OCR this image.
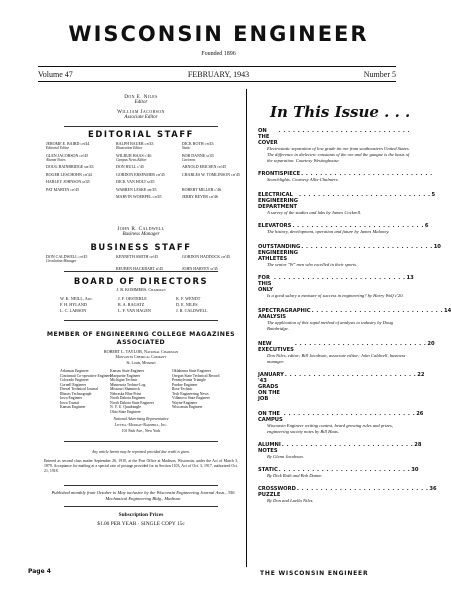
WISCONSIN ENGINEER
Founded 1896
Volume 47	FEBRUARY, 1943	Number 5
Don E. Niles
Editor
William Jacobson
Associate Editor
EDITORIAL STAFF
JEROME E. BAIRD ch'44
Editorial Editor
RALPH BAUER ch'43
Illustration Editor
DICK ROTH ch'43
Static
GLEN JACOBSON ch'45
Alumni Notes
WILBUR HAAS c'46
Campus News Editor
BOB DANNE m'43
Cartoons
DOUG BAINBRIDGE me'43	DON HULL c'45	ARNOLD ERICSEN ch'45
ROGER LESCHOHN ch'44	GORDON ERSPAMER ch'45	CHARLES W. TOMLINSON ch'45
HARLEY JOHNSON m'45	DICK VAN HOLT m'45
PAT MARTIN ch'45	WARREN LESKE me'45	ROBERT MILLER c'46
MARVIN WOERPEL ch'45	JERRY BEYER ch'46
John R. Caldwell
Business Manager
BUSINESS STAFF
DON CALDWELL ch'45
Circulation Manager
KENNETH SMITH ch'45	GORDON HADDOCK ch'45
REUBEN HACKBART m'45	JOHN HARVEY m'45
BOARD OF DIRECTORS
J. B. KOMMERS, Chairman
W. K. NEILL, Adv.	J. F. OESTERLE	K. F. WENDT
F. H. HYLAND	R. A. RAGATZ	D. E. NILES
L. C. LARSON	L. F. VAN HAGEN	J. R. CALDWELL
MEMBER OF ENGINEERING COLLEGE MAGAZINES
ASSOCIATED
ROBERT L. TAYLOR, National Chairman
Monsanto Chemical Company
St. Louis, Missouri
Arkansas Engineer	Kansas State Engineer	Oklahoma State Engineer
Cincinnati Co-operative Engineer
Marquette Engineer	Oregon State Technical Record
Colorado Engineer	Michigan Technic	Pennsylvania Triangle
Cornell Engineer	Minnesota Techno-Log	Purdue Engineer
Drexel Technical Journal	Missouri Shamrock	Rose Technic
Illinois Technograph	Nebraska Blue Print	Tech Engineering News
Iowa Engineer	North Dakota Engineer	Villanova State Engineer
Iowa Transit	North Dakota State Engineer	Wayne Engineer
Kansas Engineer	N. Y. U. Quadrangle	Wisconsin Engineer
Ohio State Engineer
National Advertising Representative
Littell-Murray-Barnhill, Inc.
101 Park Ave., New York
Any article herein may be reprinted provided due credit is given.
Entered as second class matter September 26, 1910, at the Post Office at Madison, Wisconsin, under the Act of March 3, 1879. Acceptance for mailing at a special rate of postage provided for in Section 1103, Act of Oct. 3, 1917, authorized Oct. 21, 1918.
Published monthly from October to May inclusive by the Wisconsin Engineering Journal Assn., 356 Mechanical Engineering Bldg., Madison
Subscription Prices
$1.00 PER YEAR · SINGLE COPY 15c
In This Issue . . .
ON THE COVER
. . . . . . . . . . . . . . . . . . . . . . . . . . . .
Electrostatic separation of low grade tin ore from southeastern United States. The difference in dielectric constants of the ore and the gangue is the basis of the separation. Courtesy Westinghouse.
FRONTISPIECE . . . . . . . . . . . . . . . . . . . . . . . . . . . .
Searchlights. Courtesy Allis-Chalmers.
ELECTRICAL ENGINEERING DEPARTMENT
. . . . . . . . . . . . . . . . . . . . . . . . . . . . 5
A survey of the studies and labs by James Cockrell.
ELEVATORS . . . . . . . . . . . . . . . . . . . . . . . . . . . . 6
The history, development, operation and future by James Maloney.
OUTSTANDING ENGINEERING ATHLETES
. . . . . . . . . . . . . . . . . . . . . . . . . . . . 10
The senior "W" men who excelled in their sports.
FOR THIS ONLY
. . . . . . . . . . . . . . . . . . . . . . . . . . . . 13
Is a good salary a measure of success in engineering? by Harry Wolf c'20.
SPECTRAGRAPHIC ANALYSIS
. . . . . . . . . . . . . . . . . . . . . . . . . . . . 14
The application of this rapid method of analysis to industry by Doug Bainbridge.
NEW EXECUTIVES
. . . . . . . . . . . . . . . . . . . . . . . . . . . . 20
Don Niles, editor; Bill Jacobson, associate editor; John Caldwell, business manager.
JANUARY '43 GRADS ON THE JOB
. . . . . . . . . . . . . . . . . . . . . . . . . . . . 22
ON THE CAMPUS
. . . . . . . . . . . . . . . . . . . . . . . . . . . . 26
Wisconsin Engineer writing contest, beard growing rules and prizes, engineering society notes by Bill Haas.
ALUMNI NOTES
. . . . . . . . . . . . . . . . . . . . . . . . . . . . 28
By Glenn Jacobson.
STATIC . . . . . . . . . . . . . . . . . . . . . . . . . . . . 30
By Dick Roth and Bob Danne.
CROSSWORD PUZZLE
. . . . . . . . . . . . . . . . . . . . . . . . . . . . 36
By Don and Luella Niles.
Page 4	THE WISCONSIN ENGINEER
